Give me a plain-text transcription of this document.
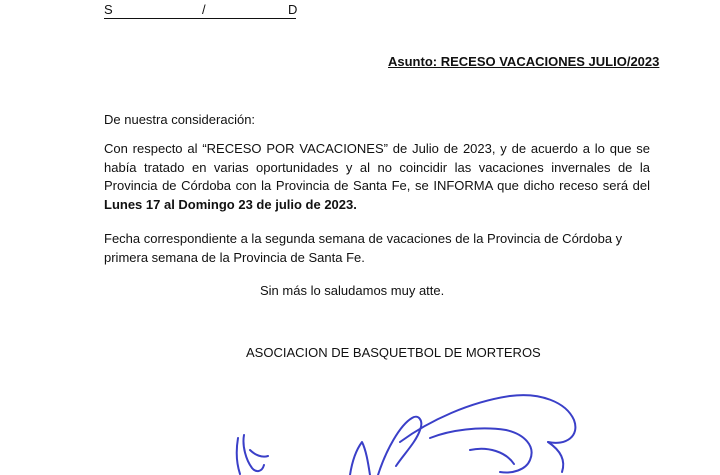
S	/	D
Asunto: RECESO VACACIONES JULIO/2023
De nuestra consideración:

Con respecto al “RECESO POR VACACIONES” de Julio de 2023, y de acuerdo a lo que se había tratado en varias oportunidades y al no coincidir las vacaciones invernales de la Provincia de Córdoba con la Provincia de Santa Fe, se INFORMA que dicho receso será del Lunes 17 al Domingo 23 de julio de 2023.

Fecha correspondiente a la segunda semana de vacaciones de la Provincia de Córdoba y primera semana de la Provincia de Santa Fe.

Sin más lo saludamos muy atte.
ASOCIACION DE BASQUETBOL DE MORTEROS
